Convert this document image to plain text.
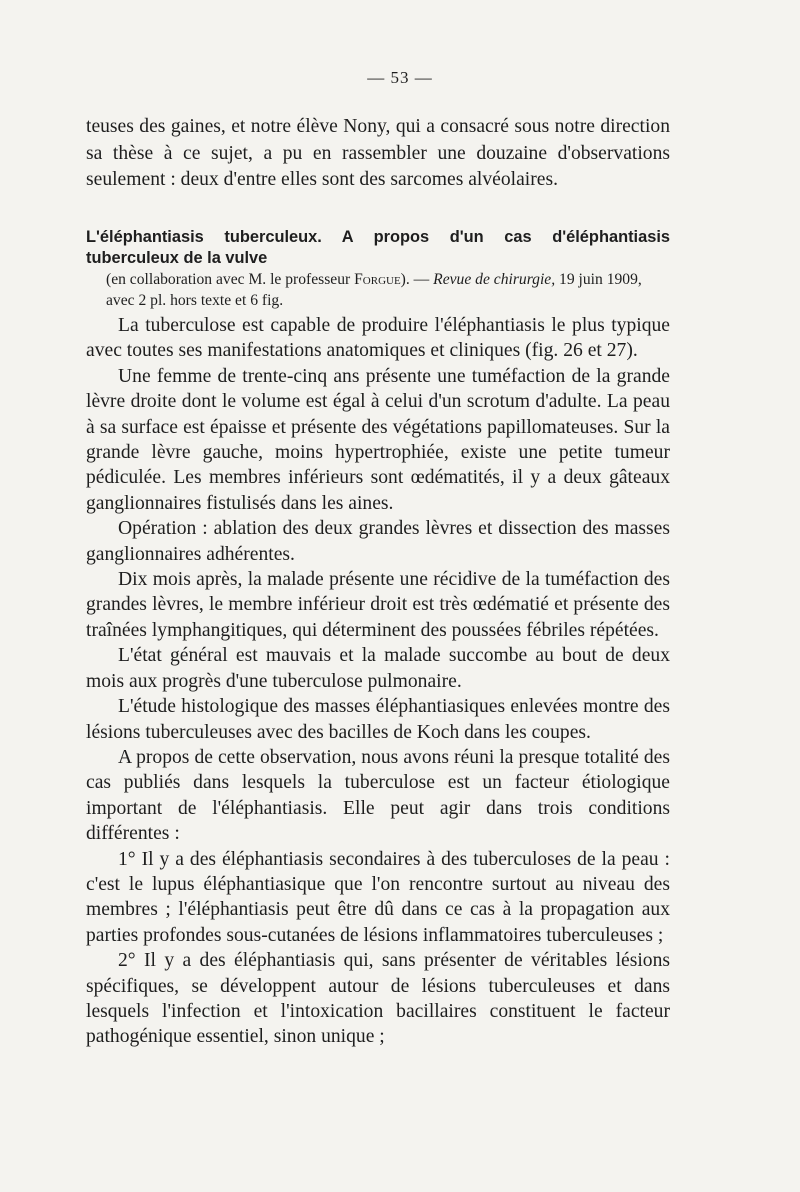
— 53 —

teuses des gaines, et notre élève Nony, qui a consacré sous notre direction sa thèse à ce sujet, a pu en rassembler une douzaine d'observations seulement : deux d'entre elles sont des sarcomes alvéolaires.

L'éléphantiasis tuberculeux. A propos d'un cas d'éléphantiasis tuberculeux de la vulve

(en collaboration avec M. le professeur Forgue). — Revue de chirurgie, 19 juin 1909, avec 2 pl. hors texte et 6 fig.

La tuberculose est capable de produire l'éléphantiasis le plus typique avec toutes ses manifestations anatomiques et cliniques (fig. 26 et 27).

Une femme de trente-cinq ans présente une tuméfaction de la grande lèvre droite dont le volume est égal à celui d'un scrotum d'adulte. La peau à sa surface est épaisse et présente des végétations papillomateuses. Sur la grande lèvre gauche, moins hypertrophiée, existe une petite tumeur pédiculée. Les membres inférieurs sont œdématités, il y a deux gâteaux ganglionnaires fistulisés dans les aines.

Opération : ablation des deux grandes lèvres et dissection des masses ganglionnaires adhérentes.

Dix mois après, la malade présente une récidive de la tuméfaction des grandes lèvres, le membre inférieur droit est très œdématié et présente des traînées lymphangitiques, qui déterminent des poussées fébriles répétées.

L'état général est mauvais et la malade succombe au bout de deux mois aux progrès d'une tuberculose pulmonaire.

L'étude histologique des masses éléphantiasiques enlevées montre des lésions tuberculeuses avec des bacilles de Koch dans les coupes.

A propos de cette observation, nous avons réuni la presque totalité des cas publiés dans lesquels la tuberculose est un facteur étiologique important de l'éléphantiasis. Elle peut agir dans trois conditions différentes :

1° Il y a des éléphantiasis secondaires à des tuberculoses de la peau : c'est le lupus éléphantiasique que l'on rencontre surtout au niveau des membres ; l'éléphantiasis peut être dû dans ce cas à la propagation aux parties profondes sous-cutanées de lésions inflammatoires tuberculeuses ;

2° Il y a des éléphantiasis qui, sans présenter de véritables lésions spécifiques, se développent autour de lésions tuberculeuses et dans lesquels l'infection et l'intoxication bacillaires constituent le facteur pathogénique essentiel, sinon unique ;
